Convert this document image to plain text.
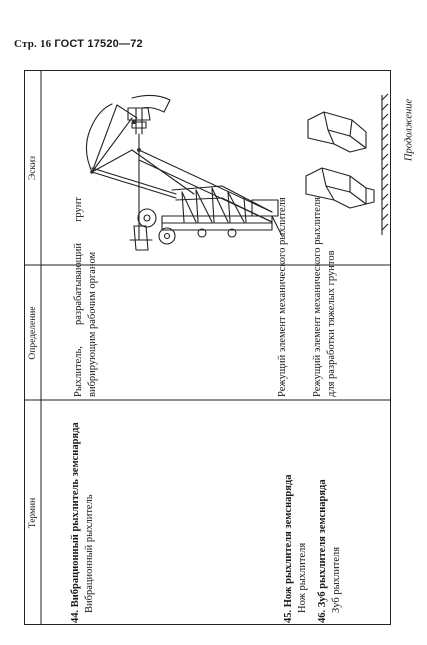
Стр. 16 ГОСТ 17520—72
Продолжение
Эскиз
Определение
Термин
44. Вибрационный рыхлитель земснаряда Вибрационный рыхлитель
Рыхлитель, разрабатывающий грунт вибрирующим рабочим органом
45. Нож рыхлителя земснаряда Нож рыхлителя
Режущий элемент механического рыхлителя
46. Зуб рыхлителя земснаряда Зуб рыхлителя
Режущий элемент механического рыхлителя для разработки тяжелых грунтов
